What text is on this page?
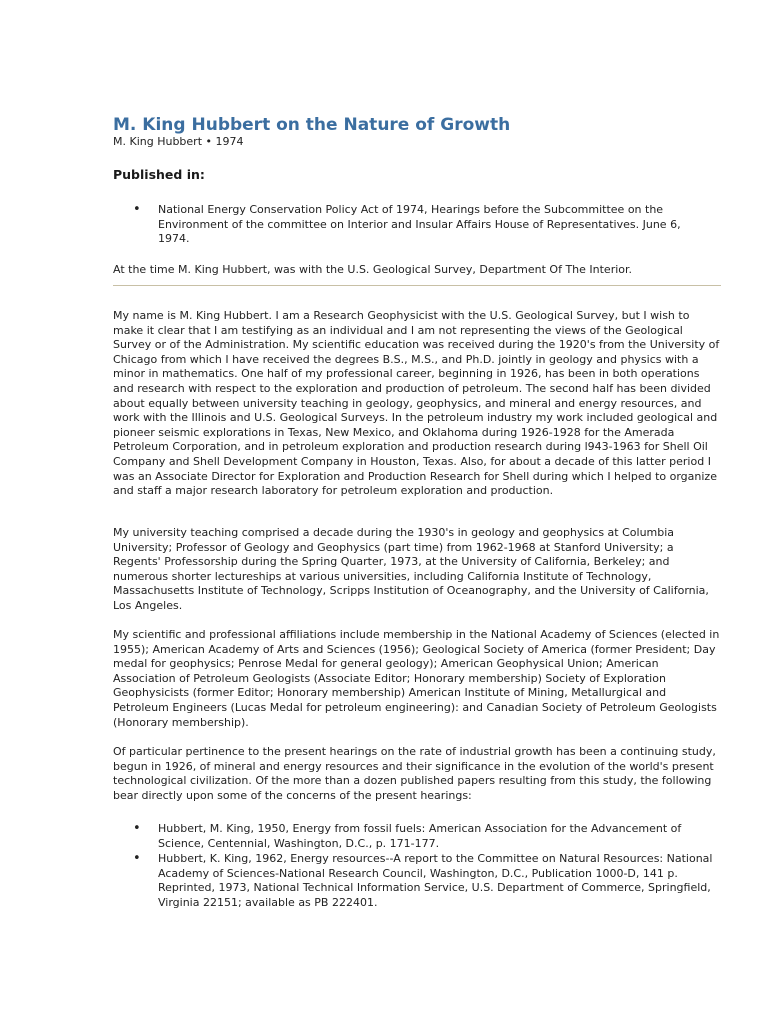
M. King Hubbert on the Nature of Growth
M. King Hubbert • 1974
Published in:
• National Energy Conservation Policy Act of 1974, Hearings before the Subcommittee on the Environment of the committee on Interior and Insular Affairs House of Representatives. June 6, 1974.

At the time M. King Hubbert, was with the U.S. Geological Survey, Department Of The Interior.

My name is M. King Hubbert. I am a Research Geophysicist with the U.S. Geological Survey, but I wish to make it clear that I am testifying as an individual and I am not representing the views of the Geological Survey or of the Administration. My scientific education was received during the 1920's from the University of Chicago from which I have received the degrees B.S., M.S., and Ph.D. jointly in geology and physics with a minor in mathematics. One half of my professional career, beginning in 1926, has been in both operations and research with respect to the exploration and production of petroleum. The second half has been divided about equally between university teaching in geology, geophysics, and mineral and energy resources, and work with the Illinois and U.S. Geological Surveys. In the petroleum industry my work included geological and pioneer seismic explorations in Texas, New Mexico, and Oklahoma during 1926-1928 for the Amerada Petroleum Corporation, and in petroleum exploration and production research during l943-1963 for Shell Oil Company and Shell Development Company in Houston, Texas. Also, for about a decade of this latter period I was an Associate Director for Exploration and Production Research for Shell during which I helped to organize and staff a major research laboratory for petroleum exploration and production.

My university teaching comprised a decade during the 1930's in geology and geophysics at Columbia University; Professor of Geology and Geophysics (part time) from 1962-1968 at Stanford University; a Regents' Professorship during the Spring Quarter, 1973, at the University of California, Berkeley; and numerous shorter lectureships at various universities, including California Institute of Technology, Massachusetts Institute of Technology, Scripps Institution of Oceanography, and the University of California, Los Angeles.

My scientific and professional affiliations include membership in the National Academy of Sciences (elected in 1955); American Academy of Arts and Sciences (1956); Geological Society of America (former President; Day medal for geophysics; Penrose Medal for general geology); American Geophysical Union; American Association of Petroleum Geologists (Associate Editor; Honorary membership) Society of Exploration Geophysicists (former Editor; Honorary membership) American Institute of Mining, Metallurgical and Petroleum Engineers (Lucas Medal for petroleum engineering): and Canadian Society of Petroleum Geologists (Honorary membership).

Of particular pertinence to the present hearings on the rate of industrial growth has been a continuing study, begun in 1926, of mineral and energy resources and their significance in the evolution of the world's present technological civilization. Of the more than a dozen published papers resulting from this study, the following bear directly upon some of the concerns of the present hearings:

• Hubbert, M. King, 1950, Energy from fossil fuels: American Association for the Advancement of Science, Centennial, Washington, D.C., p. 171-177.
• Hubbert, K. King, 1962, Energy resources--A report to the Committee on Natural Resources: National Academy of Sciences-National Research Council, Washington, D.C., Publication 1000-D, 141 p. Reprinted, 1973, National Technical Information Service, U.S. Department of Commerce, Springfield, Virginia 22151; available as PB 222401.
